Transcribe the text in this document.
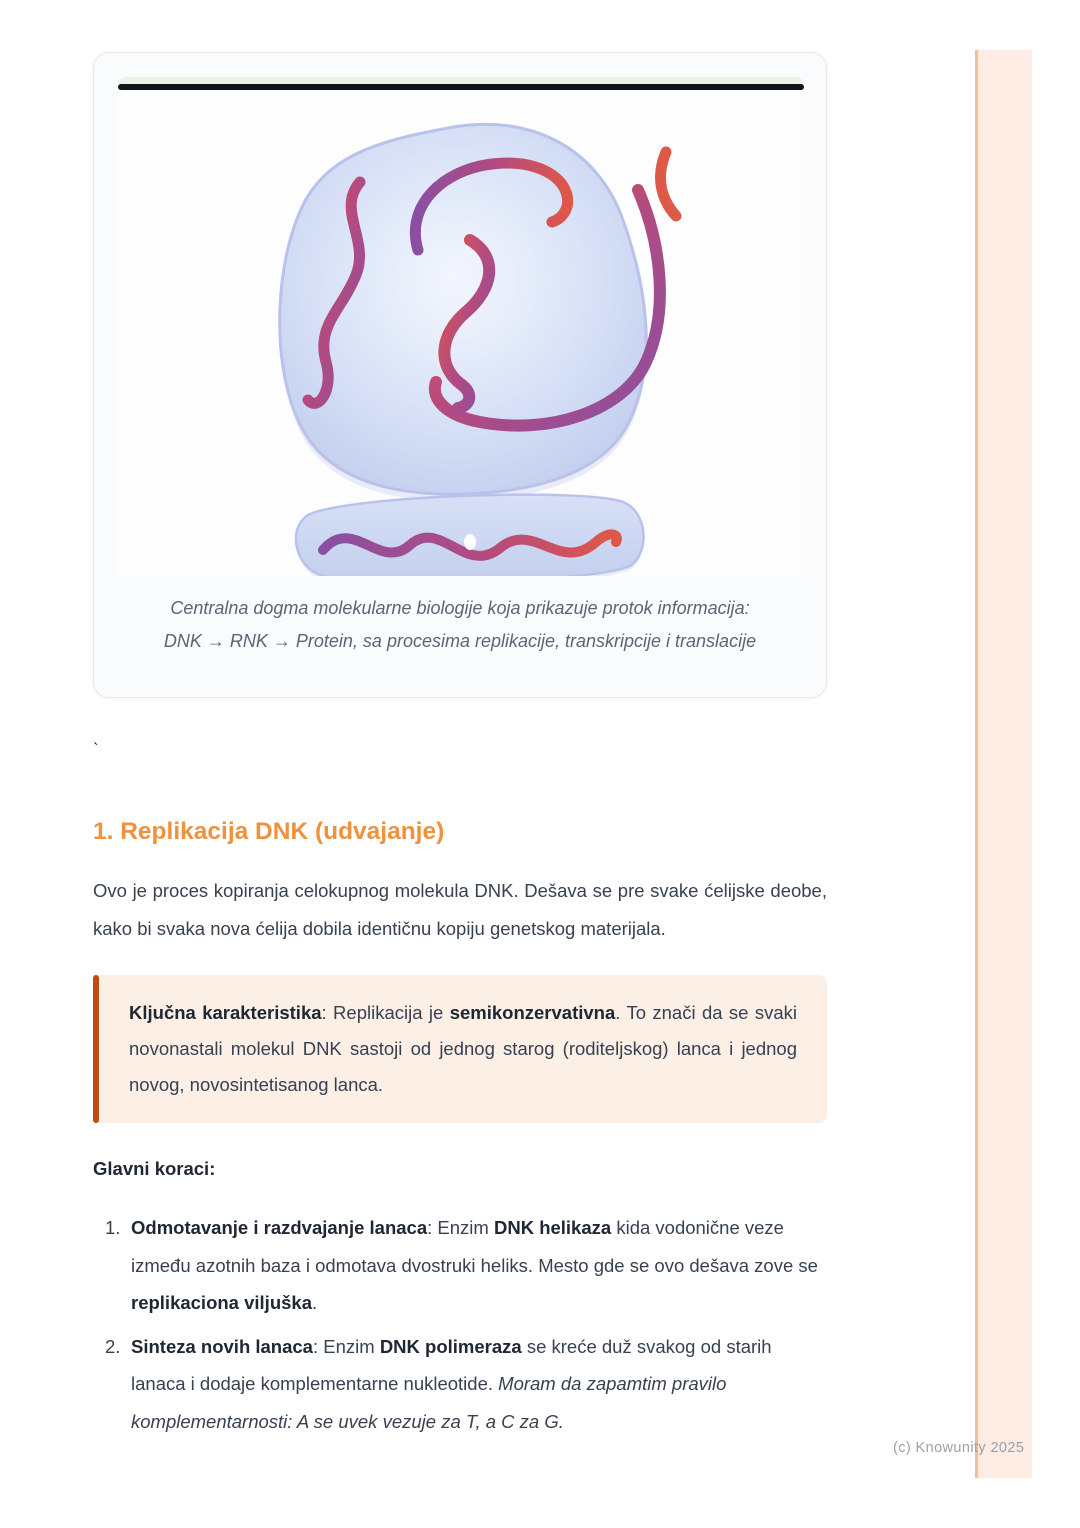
(c) Knowunity 2025
Centralna dogma molekularne biologije koja prikazuje protok informacija:
DNK → RNK → Protein, sa procesima replikacije, transkripcije i translacije
`
1. Replikacija DNK (udvajanje)

Ovo je proces kopiranja celokupnog molekula DNK. Dešava se pre svake ćelijske deobe, kako bi svaka nova ćelija dobila identičnu kopiju genetskog materijala.

Ključna karakteristika: Replikacija je semikonzervativna. To znači da se svaki novonastali molekul DNK sastoji od jednog starog (roditeljskog) lanca i jednog novog, novosintetisanog lanca.
Glavni koraci:
1. Odmotavanje i razdvajanje lanaca: Enzim DNK helikaza kida vodonične veze između azotnih baza i odmotava dvostruki heliks. Mesto gde se ovo dešava zove se replikaciona viljuška.
2. Sinteza novih lanaca: Enzim DNK polimeraza se kreće duž svakog od starih lanaca i dodaje komplementarne nukleotide. Moram da zapamtim pravilo komplementarnosti: A se uvek vezuje za T, a C za G.
